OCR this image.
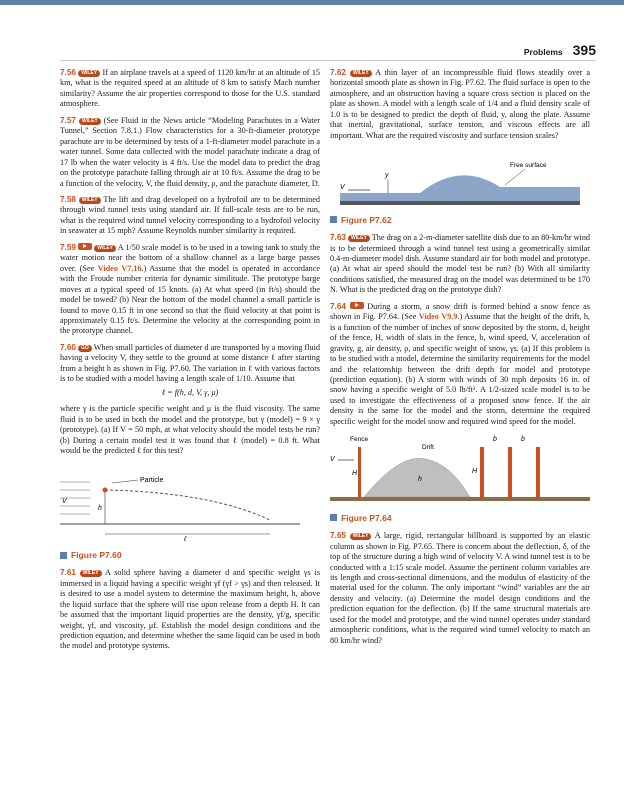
Problems 395

7.56 WILEY If an airplane travels at a speed of 1120 km/hr at an altitude of 15 km, what is the required speed at an altitude of 8 km to satisfy Mach number similarity? Assume the air properties correspond to those for the U.S. standard atmosphere.

7.57 WILEY (See Fluid in the News article “Modeling Parachutes in a Water Tunnel,” Section 7.8.1.) Flow characteristics for a 30-ft-diameter prototype parachute are to be determined by tests of a 1-ft-diameter model parachute in a water tunnel. Some data collected with the model parachute indicate a drag of 17 lb when the water velocity is 4 ft/s. Use the model data to predict the drag on the prototype parachute falling through air at 10 ft/s. Assume the drag to be a function of the velocity, V, the fluid density, ρ, and the parachute diameter, D.

7.58 WILEY The lift and drag developed on a hydrofoil are to be determined through wind tunnel tests using standard air. If full-scale tests are to be run, what is the required wind tunnel velocity corresponding to a hydrofoil velocity in seawater at 15 mph? Assume Reynolds number similarity is required.

7.59	WILEY A 1/50 scale model is to be used in a towing tank to study the water motion near the bottom of a shallow channel as a large barge passes over. (See Video V7.16.) Assume that the model is operated in accordance with the Froude number criteria for dynamic similitude. The prototype barge moves at a typical speed of 15 knots. (a) At what speed (in ft/s) should the model be towed? (b) Near the bottom of the model channel a small particle is found to move 0.15 ft in one second so that the fluid velocity at that point is approximately 0.15 ft/s. Determine the velocity at the corresponding point in the prototype channel.

7.60 GO When small particles of diameter d are transported by a moving fluid having a velocity V, they settle to the ground at some distance ℓ after starting from a height h as shown in Fig. P7.60. The variation in ℓ with various factors is to be studied with a model having a length scale of 1/10. Assume that

ℓ = f(h, d, V, γ, μ)

where γ is the particle specific weight and μ is the fluid viscosity. The same fluid is to be used in both the model and the prototype, but γ (model) = 9 × γ (prototype). (a) If V = 50 mph, at what velocity should the model tests be run? (b) During a certain model test it was found that ℓ (model) = 0.8 ft. What would be the predicted ℓ for this test?

Particle
V
h
ℓ
Figure P7.60

7.61 WILEY A solid sphere having a diameter d and specific weight γs is immersed in a liquid having a specific weight γf (γf > γs) and then released. It is desired to use a model system to determine the maximum height, h, above the liquid surface that the sphere will rise upon release from a depth H. It can be assumed that the important liquid properties are the density, γf/g, specific weight, γf, and viscosity, μf. Establish the model design conditions and the prediction equation, and determine whether the same liquid can be used in both the model and prototype systems.

7.62 WILEY A thin layer of an incompressible fluid flows steadily over a horizontal smooth plate as shown in Fig. P7.62. The fluid surface is open to the atmosphere, and an obstruction having a square cross section is placed on the plate as shown. A model with a length scale of 1/4 and a fluid density scale of 1.0 is to be designed to predict the depth of fluid, y, along the plate. Assume that inertial, gravitational, surface tension, and viscous effects are all important. What are the required viscosity and surface tension scales?

Free surface
V
y
Figure P7.62

7.63 WILEY The drag on a 2-m-diameter satellite dish due to an 80-km/hr wind is to be determined through a wind tunnel test using a geometrically similar 0.4-m-diameter model dish. Assume standard air for both model and prototype. (a) At what air speed should the model test be run? (b) With all similarity conditions satisfied, the measured drag on the model was determined to be 170 N. What is the predicted drag on the prototype dish?

7.64	During a storm, a snow drift is formed behind a snow fence as shown in Fig. P7.64. (See Video V9.9.) Assume that the height of the drift, h, is a function of the number of inches of snow deposited by the storm, d, height of the fence, H, width of slats in the fence, b, wind speed, V, acceleration of gravity, g, air density, ρ, and specific weight of snow, γs. (a) If this problem is to be studied with a model, determine the similarity requirements for the model and the relationship between the drift depth for model and prototype (prediction equation). (b) A storm with winds of 30 mph deposits 16 in. of snow having a specific weight of 5.0 lb/ft³. A 1/2-sized scale model is to be used to investigate the effectiveness of a proposed snow fence. If the air density is the same for the model and the storm, determine the required specific weight for the model snow and required wind speed for the model.

Fence
Drift
V
H
h
b	b
H
Figure P7.64

7.65 WILEY A large, rigid, rectangular billboard is supported by an elastic column as shown in Fig. P7.65. There is concern about the deflection, δ, of the top of the structure during a high wind of velocity V. A wind tunnel test is to be conducted with a 1:15 scale model. Assume the pertinent column variables are its length and cross-sectional dimensions, and the modulus of elasticity of the material used for the column. The only important “wind” variables are the air density and velocity. (a) Determine the model design conditions and the prediction equation for the deflection. (b) If the same structural materials are used for the model and prototype, and the wind tunnel operates under standard atmospheric conditions, what is the required wind tunnel velocity to match an 80 km/hr wind?
